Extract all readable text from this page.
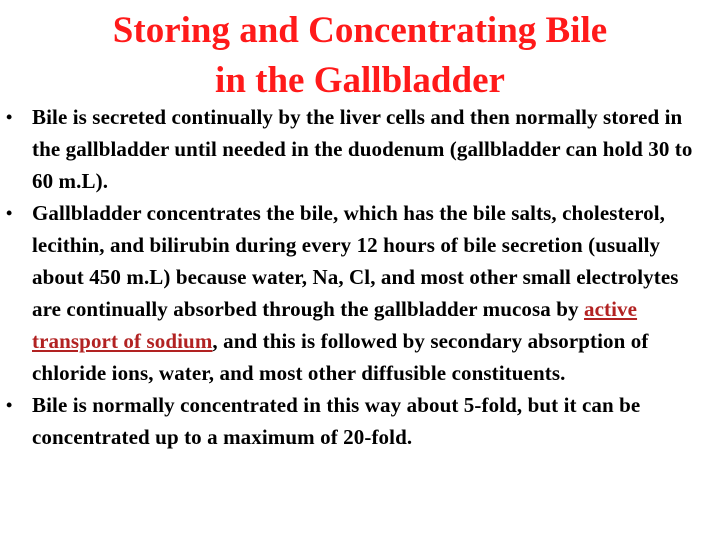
Storing and Concentrating Bile
in the Gallbladder
• Bile is secreted continually by the liver cells and then normally stored in the gallbladder until needed in the duodenum (gallbladder can hold 30 to 60 m.L).
• Gallbladder concentrates the bile, which has the bile salts, cholesterol, lecithin, and bilirubin during every 12 hours of bile secretion (usually about 450 m.L) because water, Na, Cl, and most other small electrolytes are continually absorbed through the gallbladder mucosa by active transport of sodium, and this is followed by secondary absorption of chloride ions, water, and most other diffusible constituents.
• Bile is normally concentrated in this way about 5-fold, but it can be concentrated up to a maximum of 20-fold.
